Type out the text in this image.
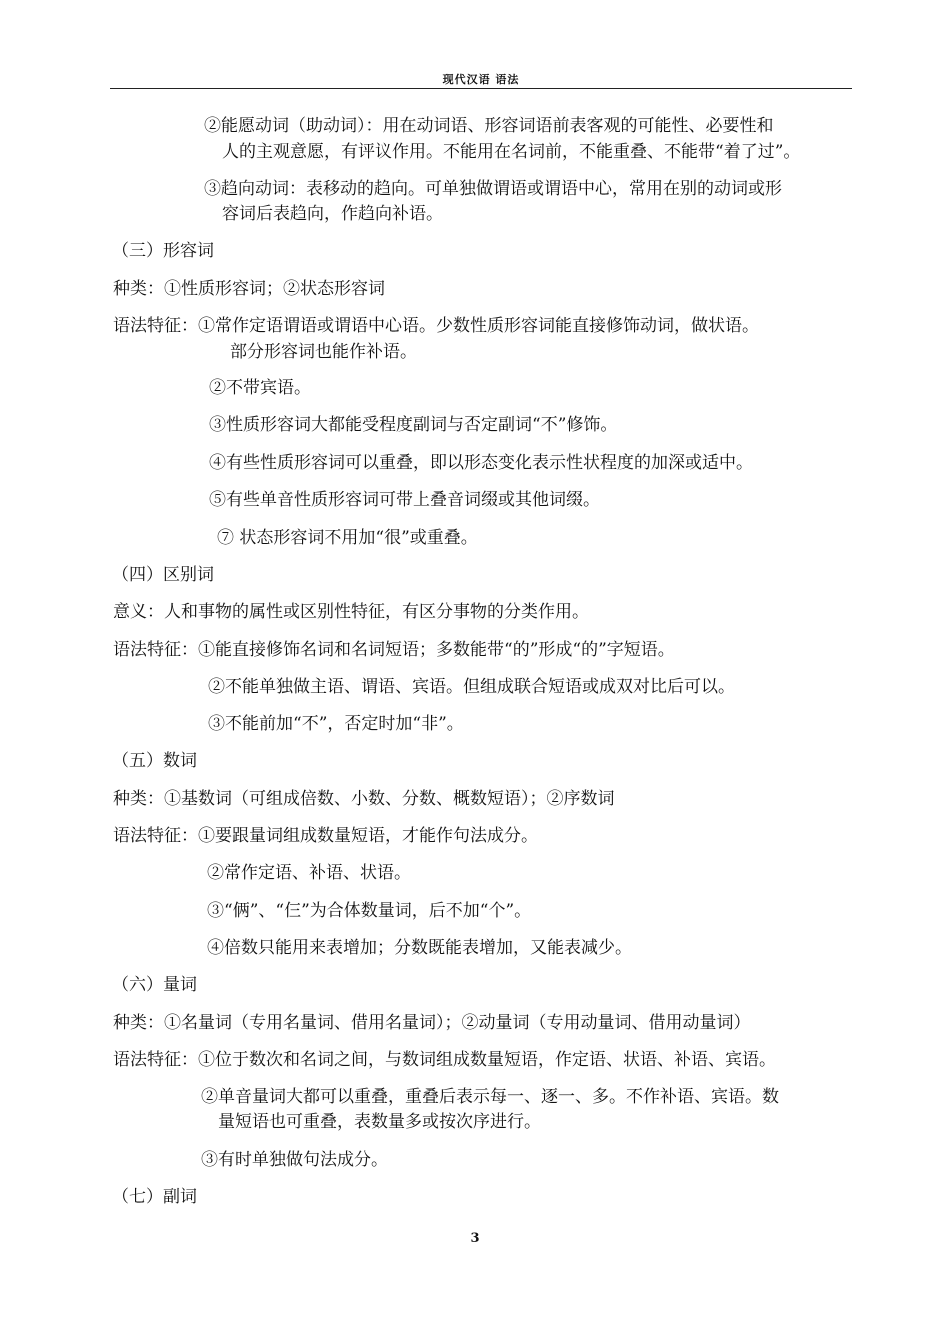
现代汉语 语法
②能愿动词（助动词）：用在动词语、形容词语前表客观的可能性、必要性和
人的主观意愿，有评议作用。不能用在名词前，不能重叠、不能带“着了过”。
③趋向动词：表移动的趋向。可单独做谓语或谓语中心，常用在别的动词或形
容词后表趋向，作趋向补语。
（三）形容词
种类：①性质形容词；②状态形容词
语法特征：①常作定语谓语或谓语中心语。少数性质形容词能直接修饰动词，做状语。
部分形容词也能作补语。
②不带宾语。
③性质形容词大都能受程度副词与否定副词“不”修饰。
④有些性质形容词可以重叠，即以形态变化表示性状程度的加深或适中。
⑤有些单音性质形容词可带上叠音词缀或其他词缀。
⑦ 状态形容词不用加“很”或重叠。
（四）区别词
意义：人和事物的属性或区别性特征，有区分事物的分类作用。
语法特征：①能直接修饰名词和名词短语；多数能带“的”形成“的”字短语。
②不能单独做主语、谓语、宾语。但组成联合短语或成双对比后可以。
③不能前加“不”，否定时加“非”。
（五）数词
种类：①基数词（可组成倍数、小数、分数、概数短语）；②序数词
语法特征：①要跟量词组成数量短语，才能作句法成分。
②常作定语、补语、状语。
③“俩”、“仨”为合体数量词，后不加“个”。
④倍数只能用来表增加；分数既能表增加，又能表减少。
（六）量词
种类：①名量词（专用名量词、借用名量词）；②动量词（专用动量词、借用动量词）
语法特征：①位于数次和名词之间，与数词组成数量短语，作定语、状语、补语、宾语。
②单音量词大都可以重叠，重叠后表示每一、逐一、多。不作补语、宾语。数
量短语也可重叠，表数量多或按次序进行。
③有时单独做句法成分。
（七）副词
3
